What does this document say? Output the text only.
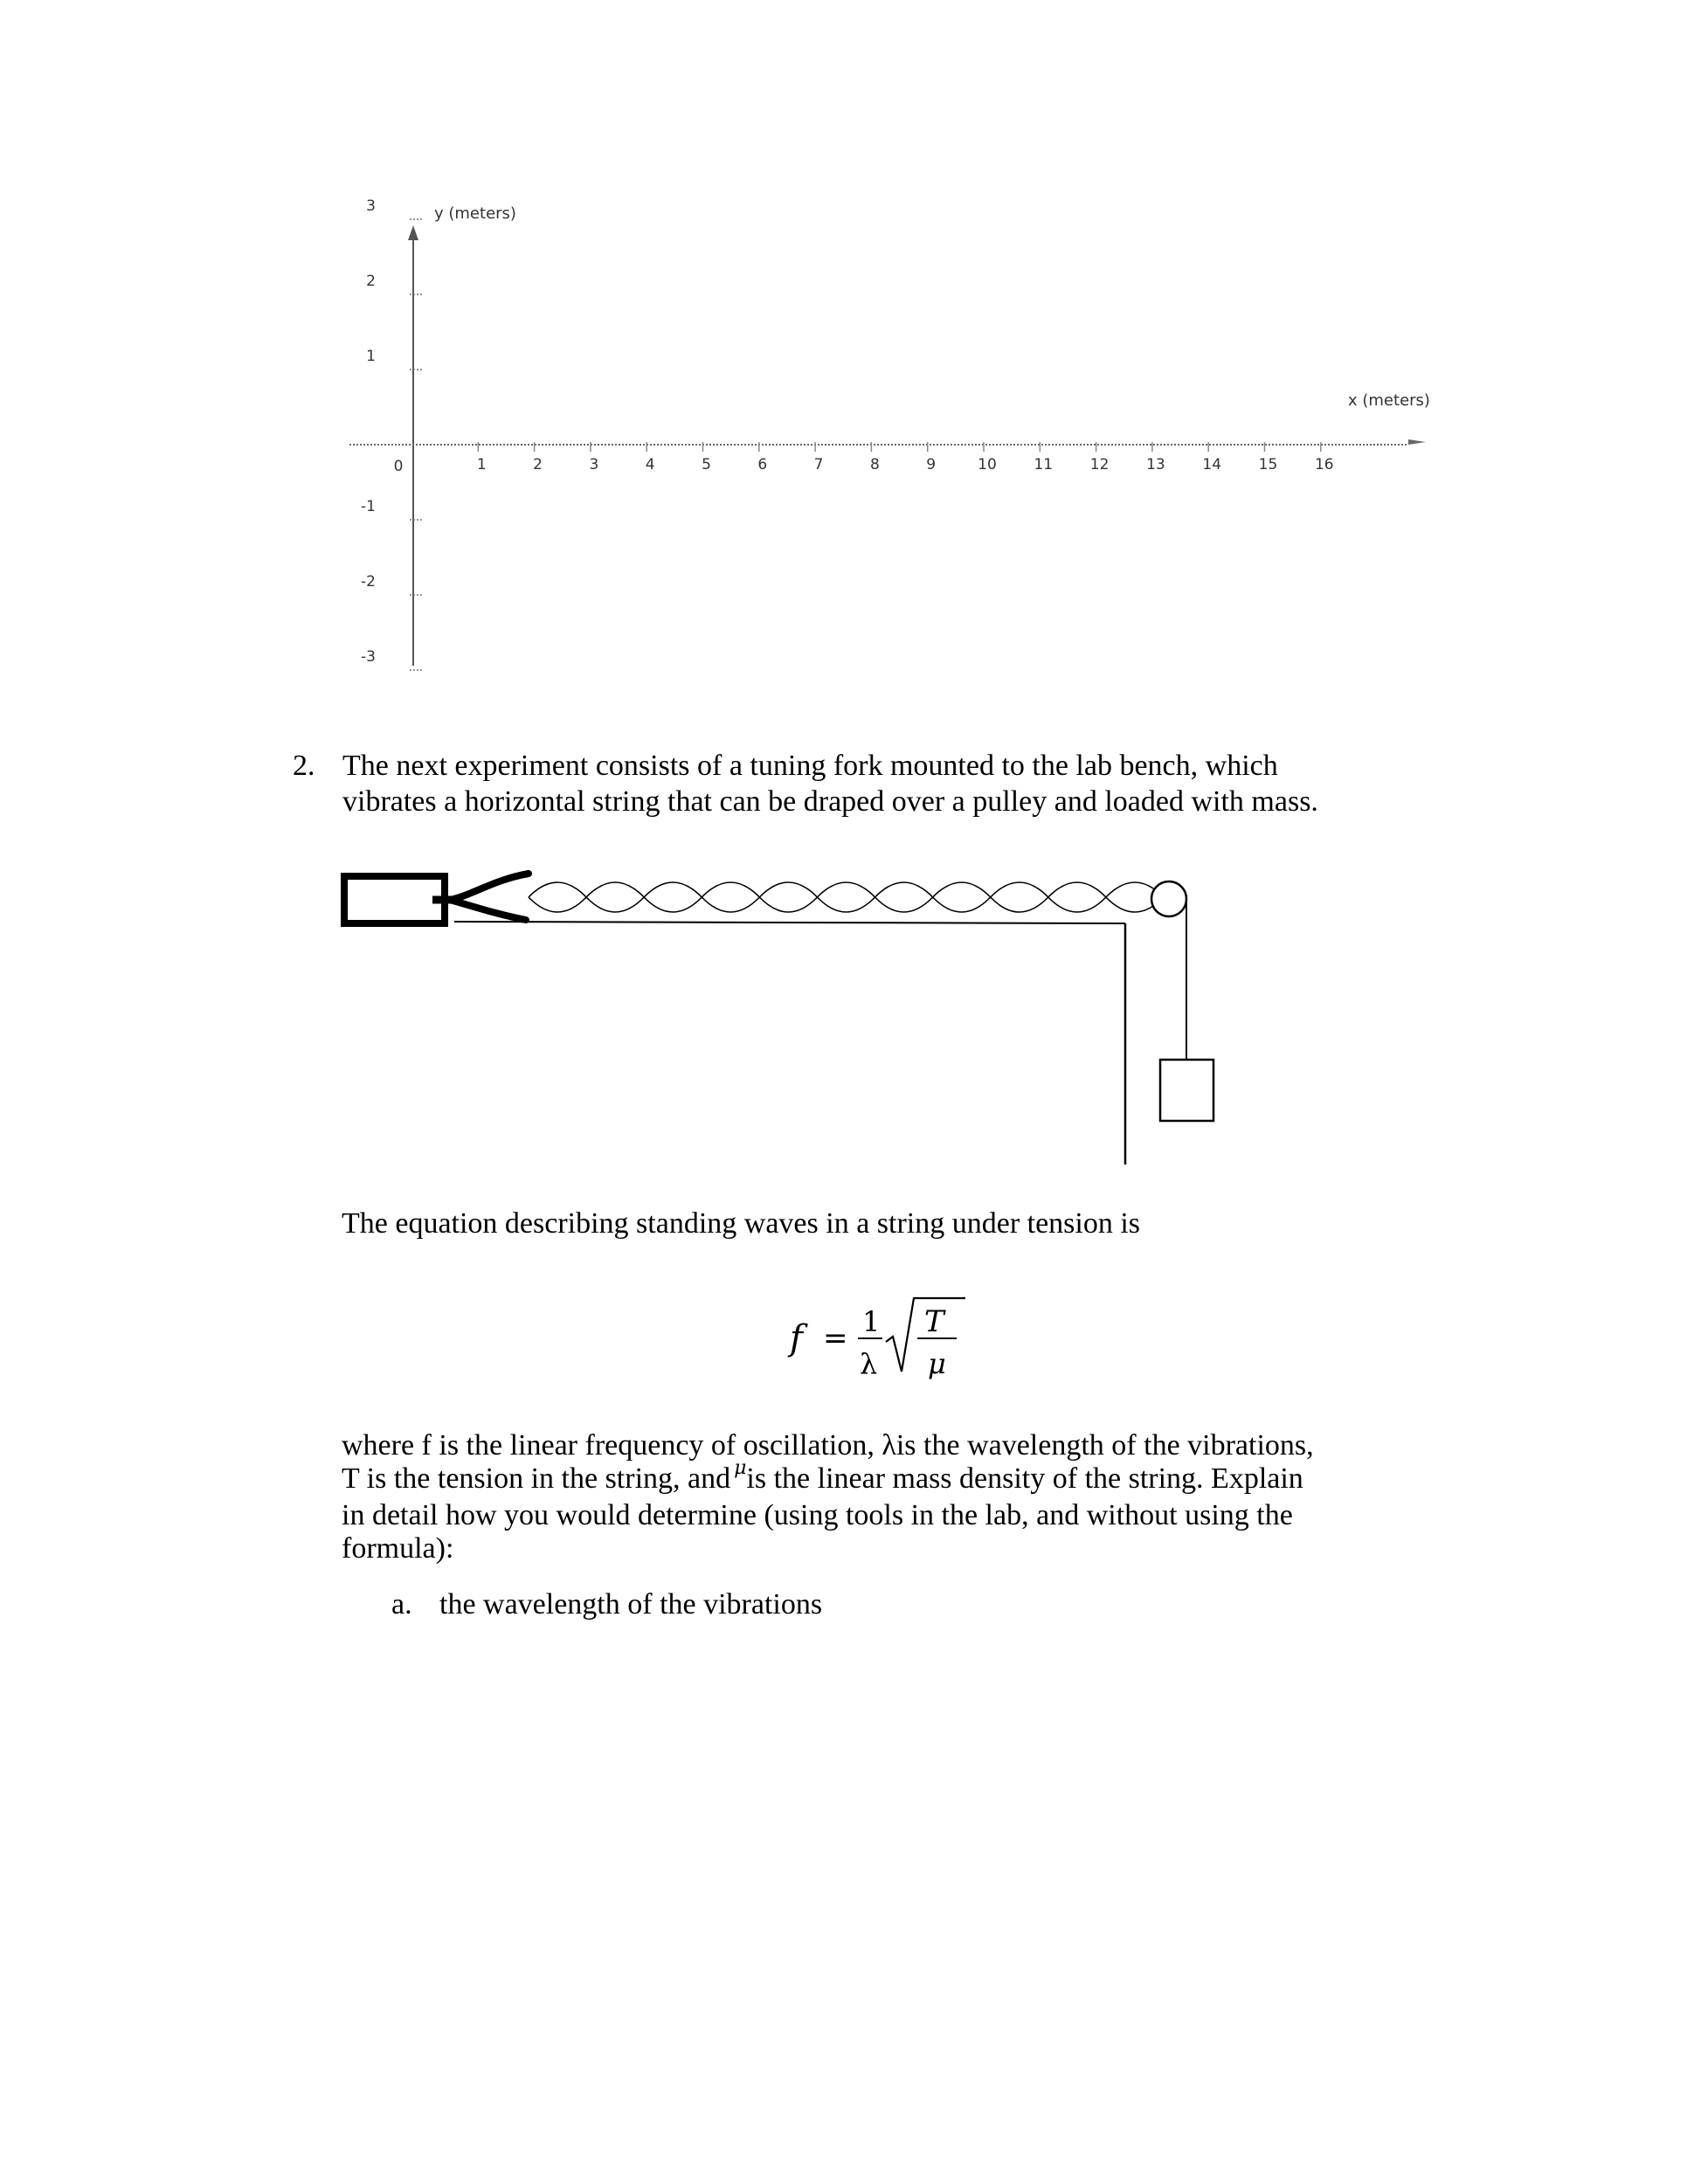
y (meters)
x (meters)
3
2
1
-1
-2
-3
0	1	2	3	4	5	6	7	8	9	10	11	12	13	14	15	16
2. The next experiment consists of a tuning fork mounted to the lab bench, which
vibrates a horizontal string that can be draped over a pulley and loaded with mass.
The equation describing standing waves in a string under tension is
f = 1
λ
T
μ
where f is the linear frequency of oscillation, λis the wavelength of the vibrations,
T is the tension in the string, and $^\mu$is the linear mass density of the string. Explain
in detail how you would determine (using tools in the lab, and without using the
formula):
a. the wavelength of the vibrations
